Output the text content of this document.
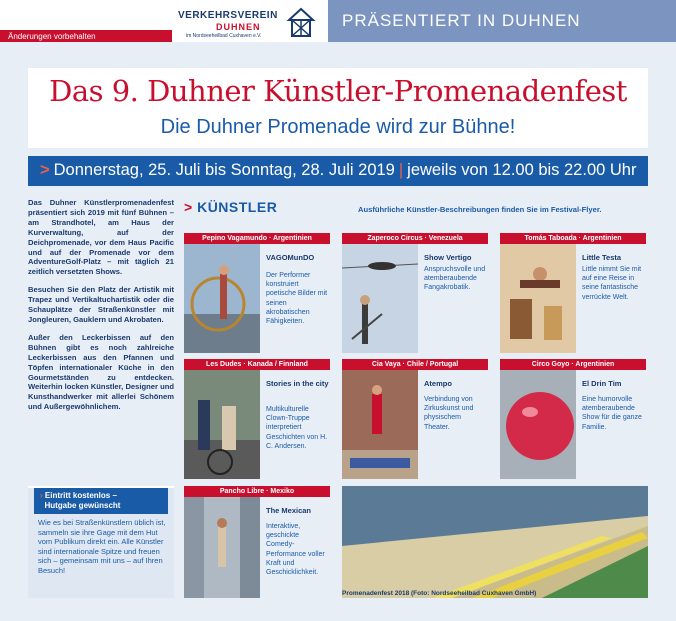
Änderungen vorbehalten
VERKEHRSVEREIN
DUHNEN
im Nordseeheilbad Cuxhaven e.V.
PRÄSENTIERT IN DUHNEN
Das 9. Duhner Künstler-Promenadenfest
Die Duhner Promenade wird zur Bühne!
> Donnerstag, 25. Juli bis Sonntag, 28. Juli 2019 | jeweils von 12.00 bis 22.00 Uhr

Das Duhner Künstlerpromenadenfest präsentiert sich 2019 mit fünf Bühnen – am Strandhotel, am Haus der Kurverwaltung, auf der Deichpromenade, vor dem Haus Pacific und auf der Promenade vor dem AdventureGolf-Platz – mit täglich 21 zeitlich versetzten Shows.

Besuchen Sie den Platz der Artistik mit Trapez und Vertikaltuchartistik oder die Schauplätze der Straßenkünstler mit Jongleuren, Gauklern und Akrobaten.

Außer den Leckerbissen auf den Bühnen gibt es noch zahlreiche Leckerbissen aus den Pfannen und Töpfen internationaler Küche in den Gourmetständen zu entdecken. Weiterhin locken Künstler, Designer und Kunsthandwerker mit allerlei Schönem und Außergewöhnlichem.

› Eintritt kostenlos –
Hutgabe gewünscht
Wie es bei Straßenkünstlern üblich ist, sammeln sie ihre Gage mit dem Hut vom Publikum direkt ein. Alle Künstler sind internationale Spitze und freuen sich – gemeinsam mit uns – auf Ihren Besuch!
> KÜNSTLER	Ausführliche Künstler-Beschreibungen finden Sie im Festival-Flyer.
Pepino Vagamundo · Argentinien
VAGOMunDO
Der Performer konstruiert poetische Bilder mit seinen akrobatischen Fähigkeiten.
Zaperoco Circus · Venezuela
Show Vertigo
Anspruchsvolle und atemberaubende Fangakrobatik.
Tomás Taboada · Argentinien
Little Testa
Little nimmt Sie mit auf eine Reise in seine fantastische verrückte Welt.
Les Dudes · Kanada / Finnland
Stories in the city
Multikulturelle Clown-Truppe interpretiert Geschichten von H. C. Andersen.
Cia Vaya · Chile / Portugal
Atempo
Verbindung von Zirkuskunst und physischem Theater.
Circo Goyo · Argentinien
El Drin Tim
Eine humorvolle atemberaubende Show für die ganze Familie.
Pancho Libre · Mexiko
The Mexican
Interaktive, geschickte Comedy-Performance voller Kraft und Geschicklichkeit.
Promenadenfest 2018 (Foto: Nordseeheilbad Cuxhaven GmbH)
